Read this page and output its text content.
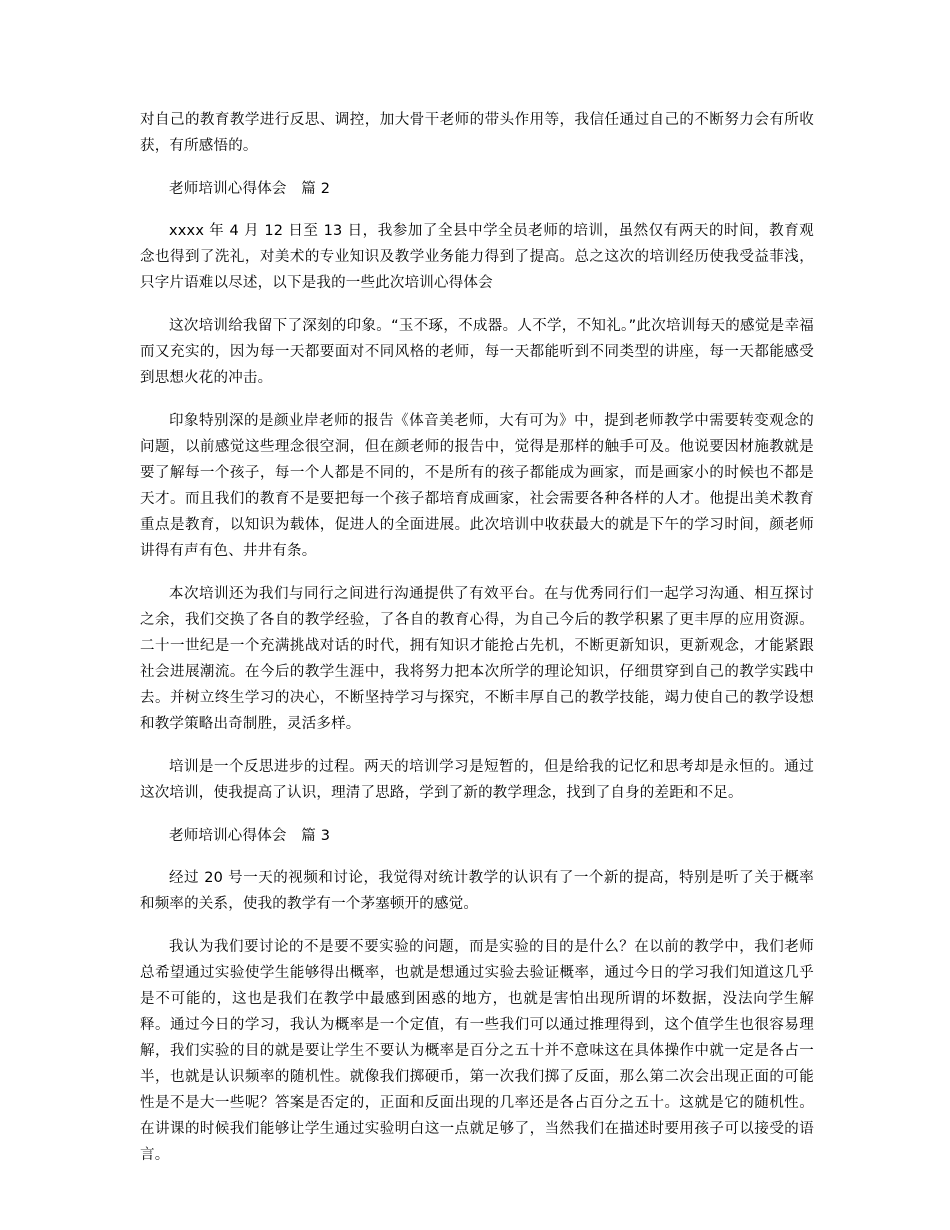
对自己的教育教学进行反思、调控，加大骨干老师的带头作用等，我信任通过自己的不断努力会有所收获，有所感悟的。

老师培训心得体会　篇 2

xxxx 年 4 月 12 日至 13 日，我参加了全县中学全员老师的培训，虽然仅有两天的时间，教育观念也得到了洗礼，对美术的专业知识及教学业务能力得到了提高。总之这次的培训经历使我受益菲浅，只字片语难以尽述，以下是我的一些此次培训心得体会

这次培训给我留下了深刻的印象。“玉不琢，不成器。人不学，不知礼。”此次培训每天的感觉是幸福而又充实的，因为每一天都要面对不同风格的老师，每一天都能听到不同类型的讲座，每一天都能感受到思想火花的冲击。

印象特别深的是颜业岸老师的报告《体音美老师，大有可为》中，提到老师教学中需要转变观念的问题，以前感觉这些理念很空洞，但在颜老师的报告中，觉得是那样的触手可及。他说要因材施教就是要了解每一个孩子，每一个人都是不同的，不是所有的孩子都能成为画家，而是画家小的时候也不都是天才。而且我们的教育不是要把每一个孩子都培育成画家，社会需要各种各样的人才。他提出美术教育重点是教育，以知识为载体，促进人的全面进展。此次培训中收获最大的就是下午的学习时间，颜老师讲得有声有色、井井有条。

本次培训还为我们与同行之间进行沟通提供了有效平台。在与优秀同行们一起学习沟通、相互探讨之余，我们交换了各自的教学经验，了各自的教育心得，为自己今后的教学积累了更丰厚的应用资源。二十一世纪是一个充满挑战对话的时代，拥有知识才能抢占先机，不断更新知识，更新观念，才能紧跟社会进展潮流。在今后的教学生涯中，我将努力把本次所学的理论知识，仔细贯穿到自己的教学实践中去。并树立终生学习的决心，不断坚持学习与探究，不断丰厚自己的教学技能，竭力使自己的教学设想和教学策略出奇制胜，灵活多样。

培训是一个反思进步的过程。两天的培训学习是短暂的，但是给我的记忆和思考却是永恒的。通过这次培训，使我提高了认识，理清了思路，学到了新的教学理念，找到了自身的差距和不足。

老师培训心得体会　篇 3

经过 20 号一天的视频和讨论，我觉得对统计教学的认识有了一个新的提高，特别是听了关于概率和频率的关系，使我的教学有一个茅塞顿开的感觉。

我认为我们要讨论的不是要不要实验的问题，而是实验的目的是什么？在以前的教学中，我们老师总希望通过实验使学生能够得出概率，也就是想通过实验去验证概率，通过今日的学习我们知道这几乎是不可能的，这也是我们在教学中最感到困惑的地方，也就是害怕出现所谓的坏数据，没法向学生解释。通过今日的学习，我认为概率是一个定值，有一些我们可以通过推理得到，这个值学生也很容易理解，我们实验的目的就是要让学生不要认为概率是百分之五十并不意味这在具体操作中就一定是各占一半，也就是认识频率的随机性。就像我们掷硬币，第一次我们掷了反面，那么第二次会出现正面的可能性是不是大一些呢？答案是否定的，正面和反面出现的几率还是各占百分之五十。这就是它的随机性。在讲课的时候我们能够让学生通过实验明白这一点就足够了，当然我们在描述时要用孩子可以接受的语言。
